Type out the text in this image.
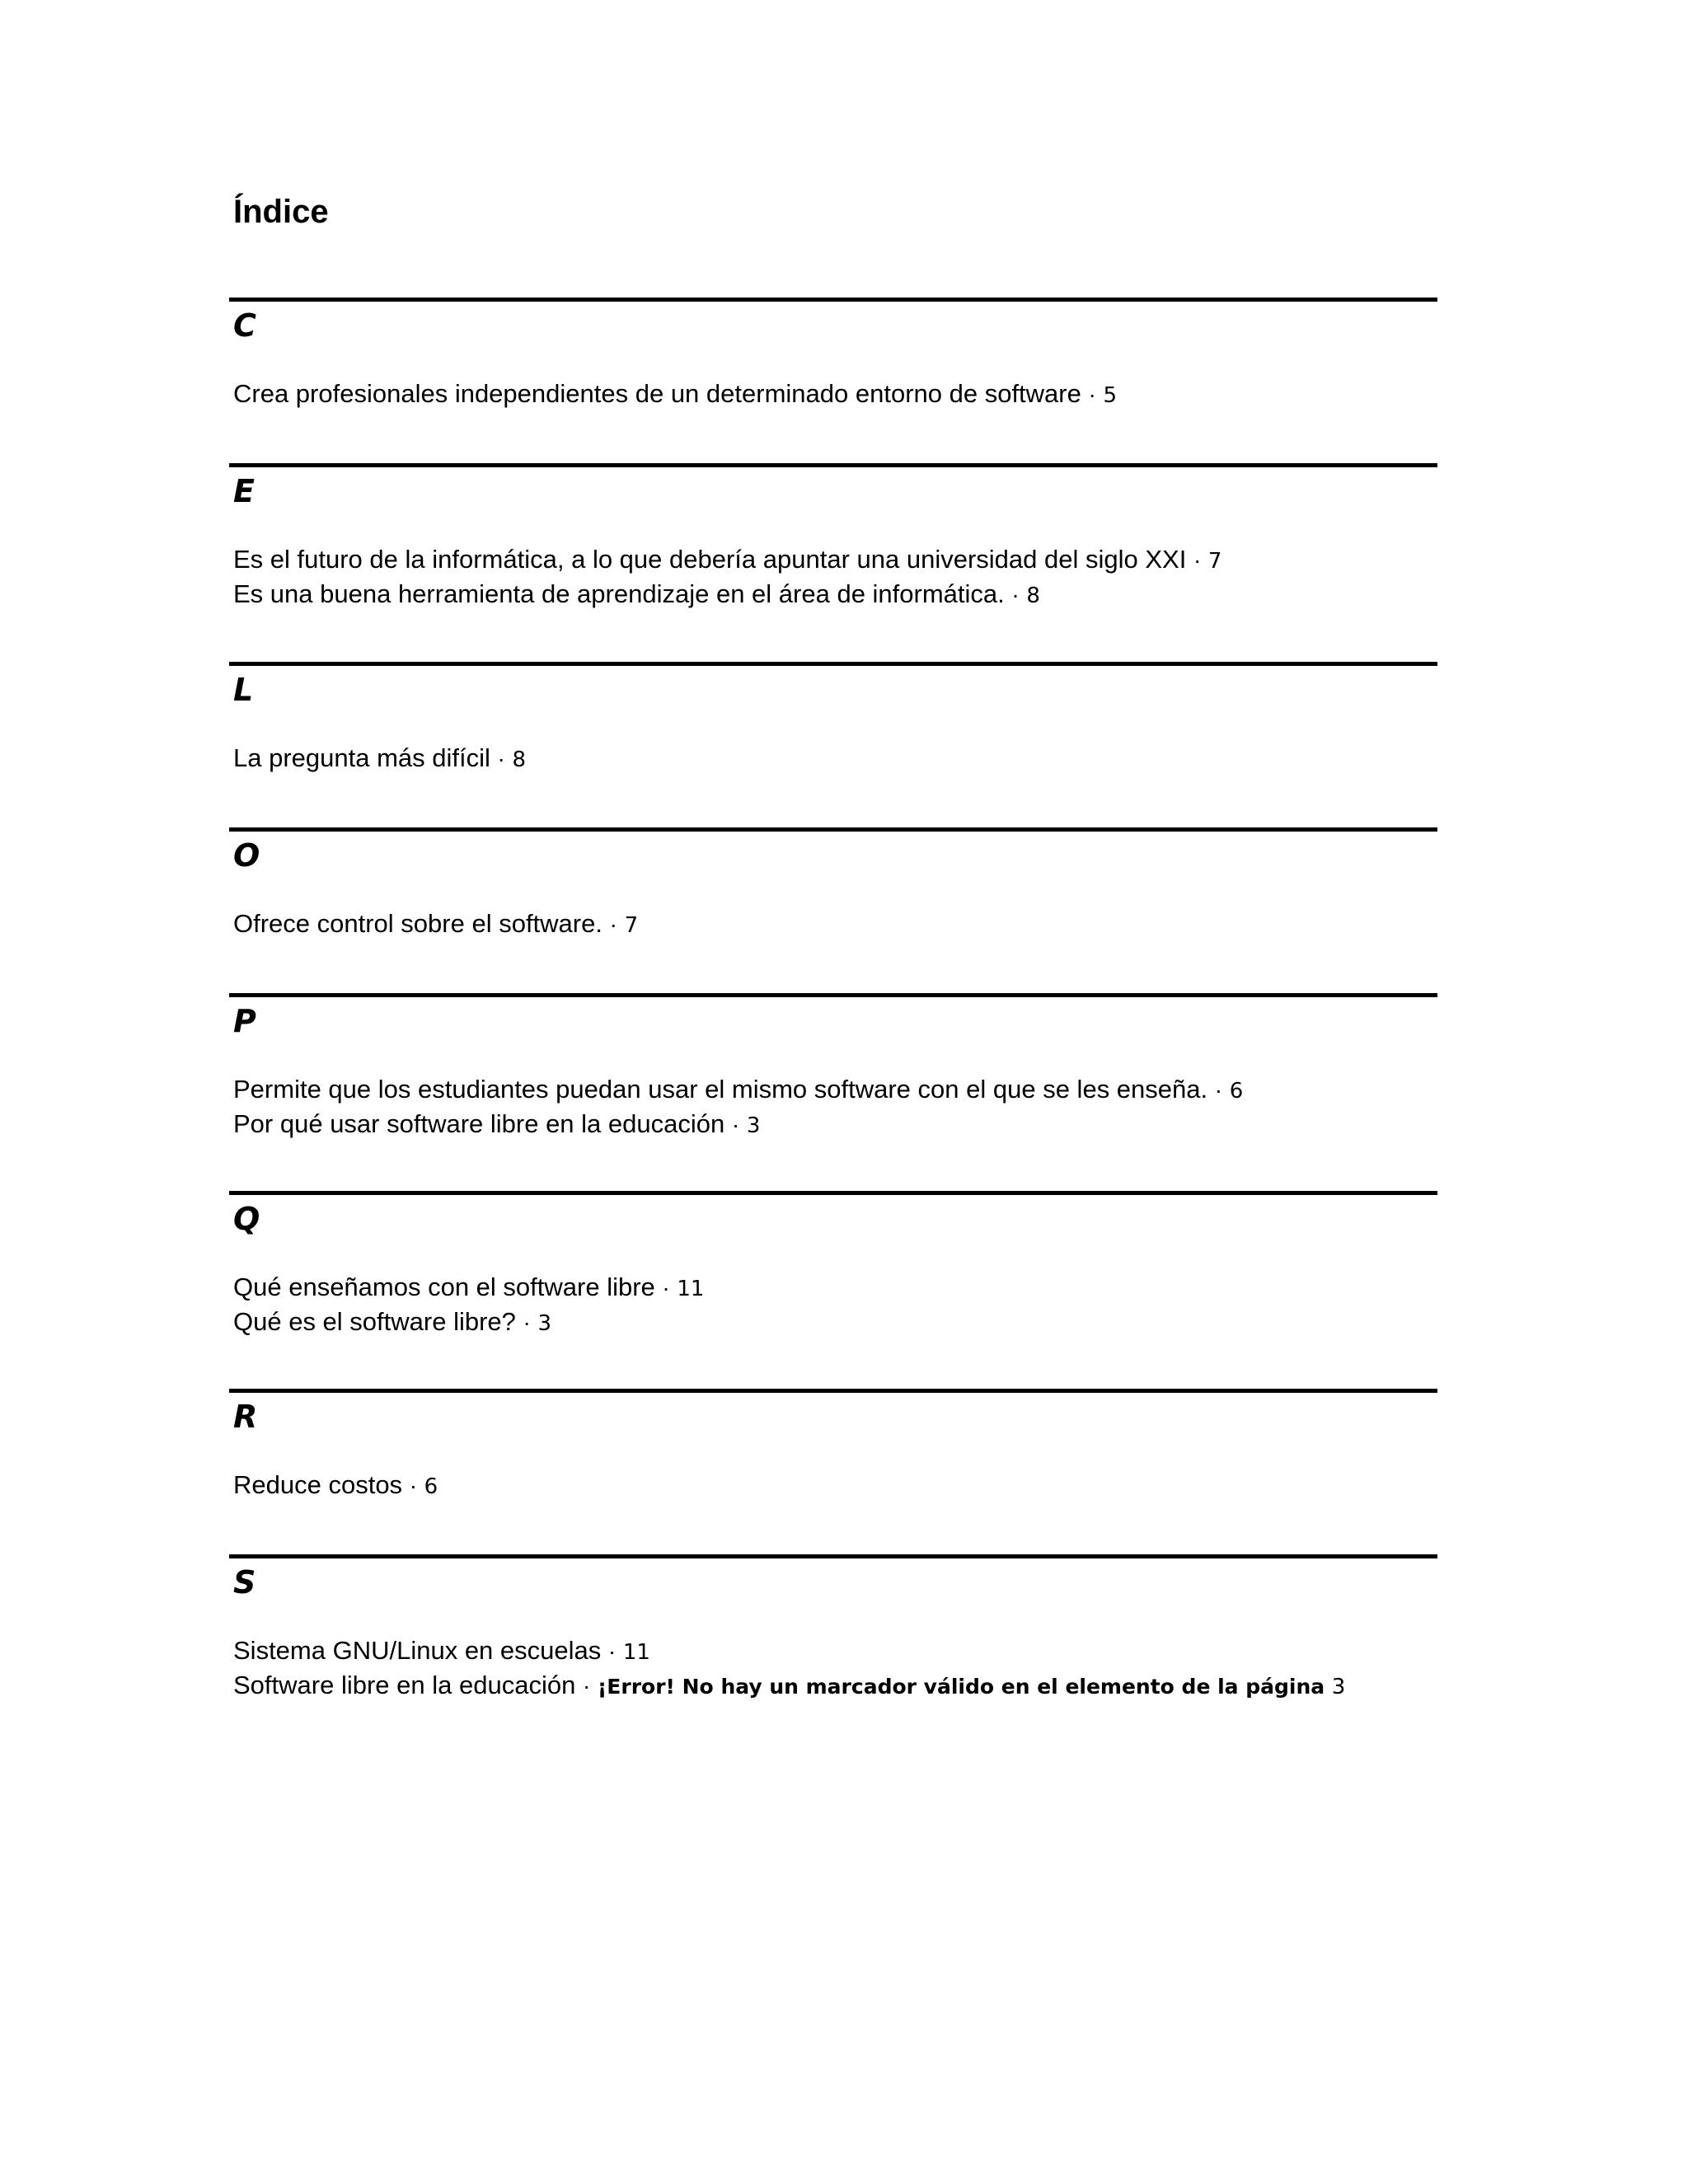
Índice
C
Crea profesionales independientes de un determinado entorno de software · 5
E
Es el futuro de la informática, a lo que debería apuntar una universidad del siglo XXI · 7
Es una buena herramienta de aprendizaje en el área de informática. · 8
L
La pregunta más difícil · 8
O
Ofrece control sobre el software. · 7
P
Permite que los estudiantes puedan usar el mismo software con el que se les enseña. · 6
Por qué usar software libre en la educación · 3
Q
Qué enseñamos con el software libre · 11
Qué es el software libre? · 3
R
Reduce costos · 6
S
Sistema GNU/Linux en escuelas · 11
Software libre en la educación · ¡Error! No hay un marcador válido en el elemento de la página 3
